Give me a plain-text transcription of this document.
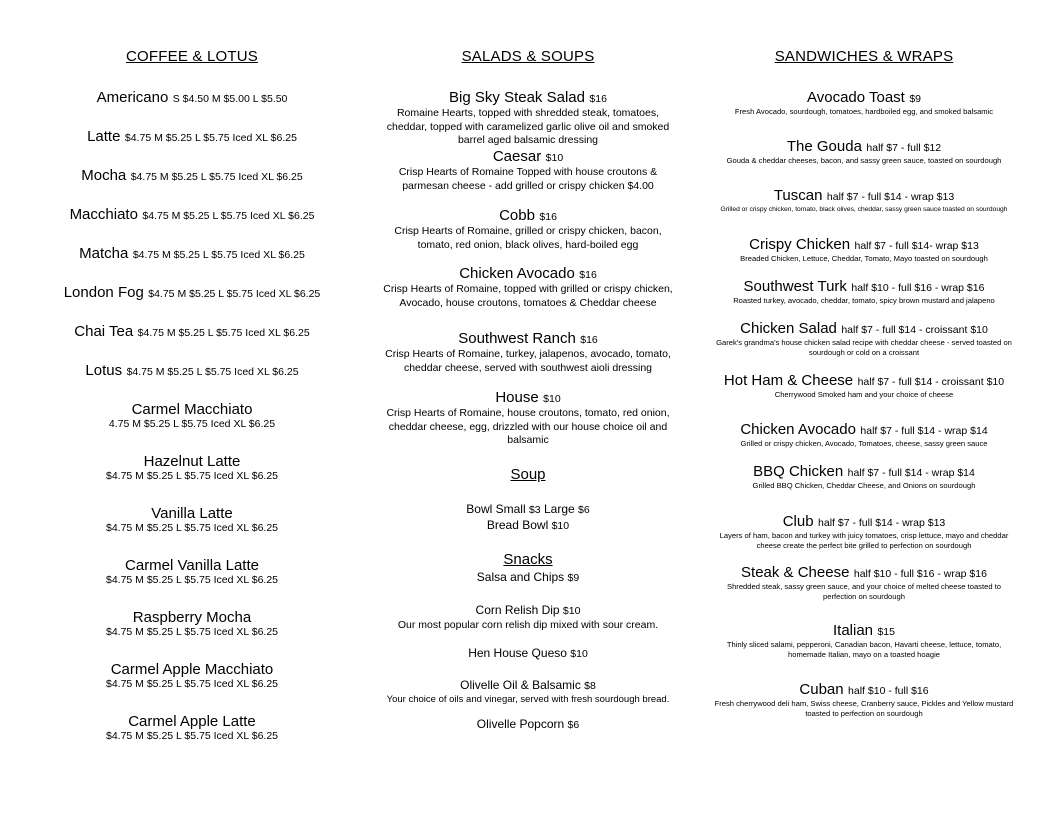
COFFEE & LOTUS
Americano S $4.50 M $5.00 L $5.50
Latte $4.75 M $5.25 L $5.75 Iced XL $6.25
Mocha $4.75 M $5.25 L $5.75 Iced XL $6.25
Macchiato $4.75 M $5.25 L $5.75 Iced XL $6.25
Matcha $4.75 M $5.25 L $5.75 Iced XL $6.25
London Fog $4.75 M $5.25 L $5.75 Iced XL $6.25
Chai Tea $4.75 M $5.25 L $5.75 Iced XL $6.25
Lotus $4.75 M $5.25 L $5.75 Iced XL $6.25
Carmel Macchiato
4.75 M $5.25 L $5.75 Iced XL $6.25
Hazelnut Latte
$4.75 M $5.25 L $5.75 Iced XL $6.25
Vanilla Latte
$4.75 M $5.25 L $5.75 Iced XL $6.25
Carmel Vanilla Latte
$4.75 M $5.25 L $5.75 Iced XL $6.25
Raspberry Mocha
$4.75 M $5.25 L $5.75 Iced XL $6.25
Carmel Apple Macchiato
$4.75 M $5.25 L $5.75 Iced XL $6.25
Carmel Apple Latte
$4.75 M $5.25 L $5.75 Iced XL $6.25
SALADS & SOUPS
Big Sky Steak Salad $16
Romaine Hearts, topped with shredded steak, tomatoes, cheddar, topped with caramelized garlic olive oil and smoked barrel aged balsamic dressing
Caesar $10
Crisp Hearts of Romaine Topped with house croutons & parmesan cheese - add grilled or crispy chicken $4.00
Cobb $16
Crisp Hearts of Romaine, grilled or crispy chicken, bacon, tomato, red onion, black olives, hard-boiled egg
Chicken Avocado $16
Crisp Hearts of Romaine, topped with grilled or crispy chicken, Avocado, house croutons, tomatoes & Cheddar cheese
Southwest Ranch $16
Crisp Hearts of Romaine, turkey, jalapenos, avocado, tomato, cheddar cheese, served with southwest aioli dressing
House $10
Crisp Hearts of Romaine, house croutons, tomato, red onion, cheddar cheese, egg, drizzled with our house choice oil and balsamic
Soup
Bowl Small $3 Large $6
Bread Bowl $10
Snacks
Salsa and Chips $9
Corn Relish Dip $10
Our most popular corn relish dip mixed with sour cream.
Hen House Queso $10
Olivelle Oil & Balsamic $8
Your choice of oils and vinegar, served with fresh sourdough bread.
Olivelle Popcorn $6
SANDWICHES & WRAPS
Avocado Toast $9
Fresh Avocado, sourdough, tomatoes, hardboiled egg, and smoked balsamic
The Gouda half $7 - full $12
Gouda & cheddar cheeses, bacon, and sassy green sauce, toasted on sourdough
Tuscan half $7 - full $14 - wrap $13
Grilled or crispy chicken, tomato, black olives, cheddar, sassy green sauce toasted on sourdough
Crispy Chicken half $7 - full $14- wrap $13
Breaded Chicken, Lettuce, Cheddar, Tomato, Mayo toasted on sourdough
Southwest Turk half $10 - full $16 - wrap $16
Roasted turkey, avocado, cheddar, tomato, spicy brown mustard and jalapeno
Chicken Salad half $7 - full $14 - croissant $10
Garek's grandma's house chicken salad recipe with cheddar cheese - served toasted on sourdough or cold on a croissant
Hot Ham & Cheese half $7 - full $14 - croissant $10
Cherrywood Smoked ham and your choice of cheese
Chicken Avocado half $7 - full $14 - wrap $14
Grilled or crispy chicken, Avocado, Tomatoes, cheese, sassy green sauce
BBQ Chicken half $7 - full $14 - wrap $14
Grilled BBQ Chicken, Cheddar Cheese, and Onions on sourdough
Club half $7 - full $14 - wrap $13
Layers of ham, bacon and turkey with juicy tomatoes, crisp lettuce, mayo and cheddar cheese create the perfect bite grilled to perfection on sourdough
Steak & Cheese half $10 - full $16 - wrap $16
Shredded steak, sassy green sauce, and your choice of melted cheese toasted to perfection on sourdough
Italian $15
Thinly sliced salami, pepperoni, Canadian bacon, Havarti cheese, lettuce, tomato, homemade Italian, mayo on a toasted hoagie
Cuban half $10 - full $16
Fresh cherrywood deli ham, Swiss cheese, Cranberry sauce, Pickles and Yellow mustard toasted to perfection on sourdough
